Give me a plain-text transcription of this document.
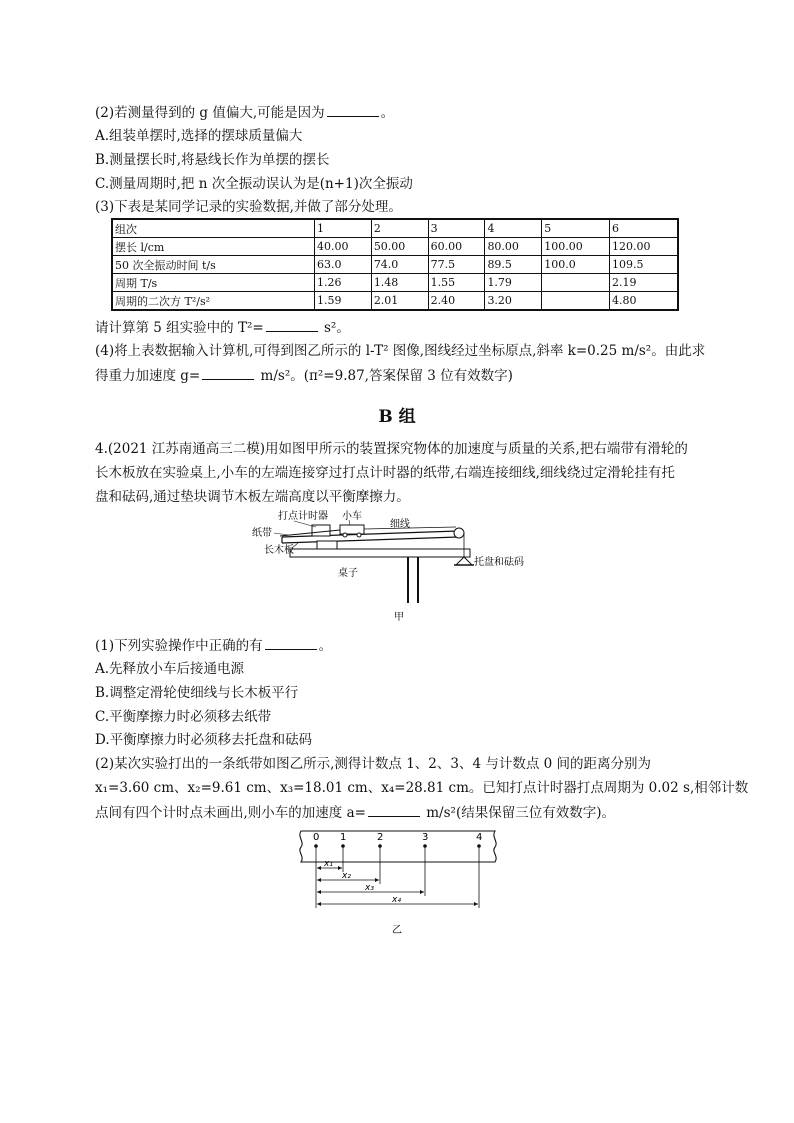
(2)若测量得到的 g 值偏大,可能是因为	。
A.组装单摆时,选择的摆球质量偏大
B.测量摆长时,将悬线长作为单摆的摆长
C.测量周期时,把 n 次全振动误认为是(n+1)次全振动
(3)下表是某同学记录的实验数据,并做了部分处理。
组次	1	2	3	4	5	6
摆长 l/cm	40.00	50.00	60.00	80.00	100.00	120.00
50 次全振动时间 t/s	63.0	74.0	77.5	89.5	100.0	109.5
周期 T/s	1.26	1.48	1.55	1.79		2.19
周期的二次方 T²/s²	1.59	2.01	2.40	3.20		4.80
请计算第 5 组实验中的 T²=	s²。
(4)将上表数据输入计算机,可得到图乙所示的 l-T² 图像,图线经过坐标原点,斜率 k=0.25 m/s²。由此求
得重力加速度 g=	m/s²。(π²=9.87,答案保留 3 位有效数字)
B 组
4.(2021 江苏南通高三二模)用如图甲所示的装置探究物体的加速度与质量的关系,把右端带有滑轮的
长木板放在实验桌上,小车的左端连接穿过打点计时器的纸带,右端连接细线,细线绕过定滑轮挂有托
盘和砝码,通过垫块调节木板左端高度以平衡摩擦力。
打点计时器 小车
细线
纸带
长木板
托盘和砝码
桌子
甲
(1)下列实验操作中正确的有	。
A.先释放小车后接通电源
B.调整定滑轮使细线与长木板平行
C.平衡摩擦力时必须移去纸带
D.平衡摩擦力时必须移去托盘和砝码
(2)某次实验打出的一条纸带如图乙所示,测得计数点 1、2、3、4 与计数点 0 间的距离分别为
x₁=3.60 cm、x₂=9.61 cm、x₃=18.01 cm、x₄=28.81 cm。已知打点计时器打点周期为 0.02 s,相邻计数
点间有四个计时点未画出,则小车的加速度 a=	m/s²(结果保留三位有效数字)。
0 1	2	3	4
x₁
x₂
x₃
x₄
乙
